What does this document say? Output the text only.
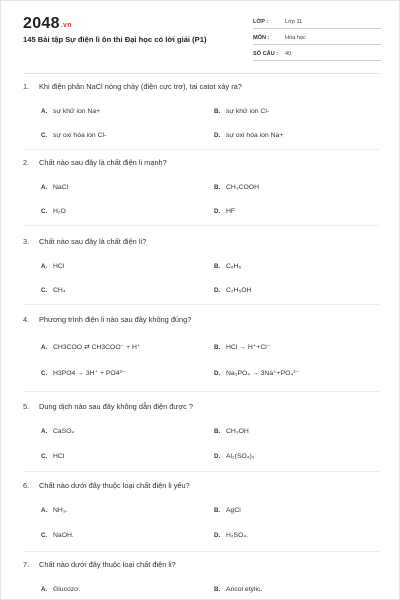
2048.vn
145 Bài tập Sự điện li ôn thi Đại học có lời giải (P1)
LỚP :	Lớp 11
MÔN :	Hóa học
SỐ CÂU : 40
1. Khi điện phân NaCl nóng chảy (điện cực trơ), tại catot xảy ra?
A. sự khử ion Na+	B. sự khử ion Cl-
C. sự oxi hóa ion Cl-	D. sự oxi hóa ion Na+
2. Chất nào sau đây là chất điện li mạnh?
A. NaCl	B. CH₃COOH
C. H₂O	D. HF
3. Chất nào sau đây là chất điện li?
A. HCl	B. C₆H₆
C. CH₄	D. C₂H₅OH
4. Phương trình điện li nào sau đây không đúng?
A. CH3COO ⇄ CH3COO⁻ + H⁺	B. HCl → H⁺+Cl⁻
C. H3PO4 → 3H⁺ + PO4³⁻	D. Na₃PO₄ → 3Na⁺+PO₄³⁻
5. Dung dịch nào sau đây không dẫn điện được ?
A. CaSO₄	B. CH₃OH
C. HCl	D. Al₂(SO₄)₃
6. Chất nào dưới đây thuộc loại chất điện li yếu?
A. NH₃.	B. AgCl
C. NaOH.	D. H₂SO₄.
7. Chất nào dưới đây thuộc loại chất điện li?
A. Glucozơ.	B. Ancol etylic.
